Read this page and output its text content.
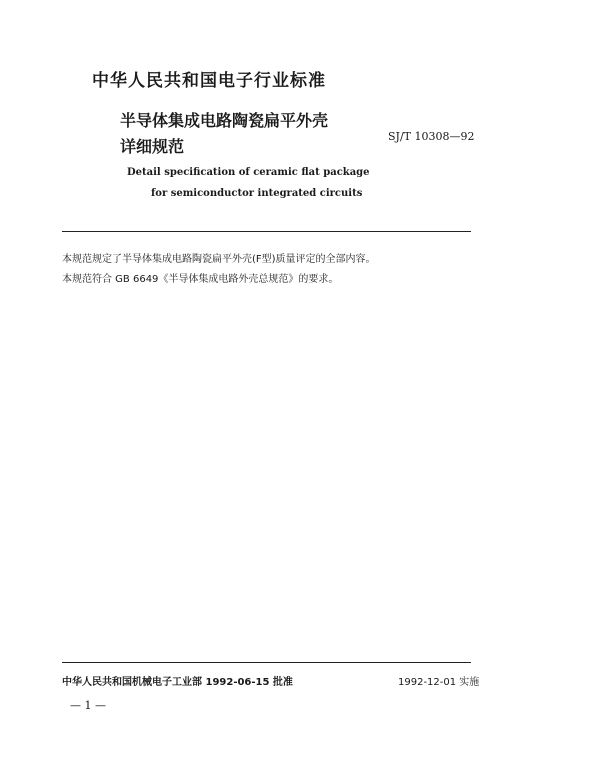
中华人民共和国电子行业标准
半导体集成电路陶瓷扁平外壳
详细规范
SJ/T 10308—92
Detail specification of ceramic flat package
for semiconductor integrated circuits
本规范规定了半导体集成电路陶瓷扁平外壳(F型)质量评定的全部内容。
本规范符合 GB 6649《半导体集成电路外壳总规范》的要求。
中华人民共和国机械电子工业部 1992-06-15 批准	1992-12-01 实施
— 1 —
